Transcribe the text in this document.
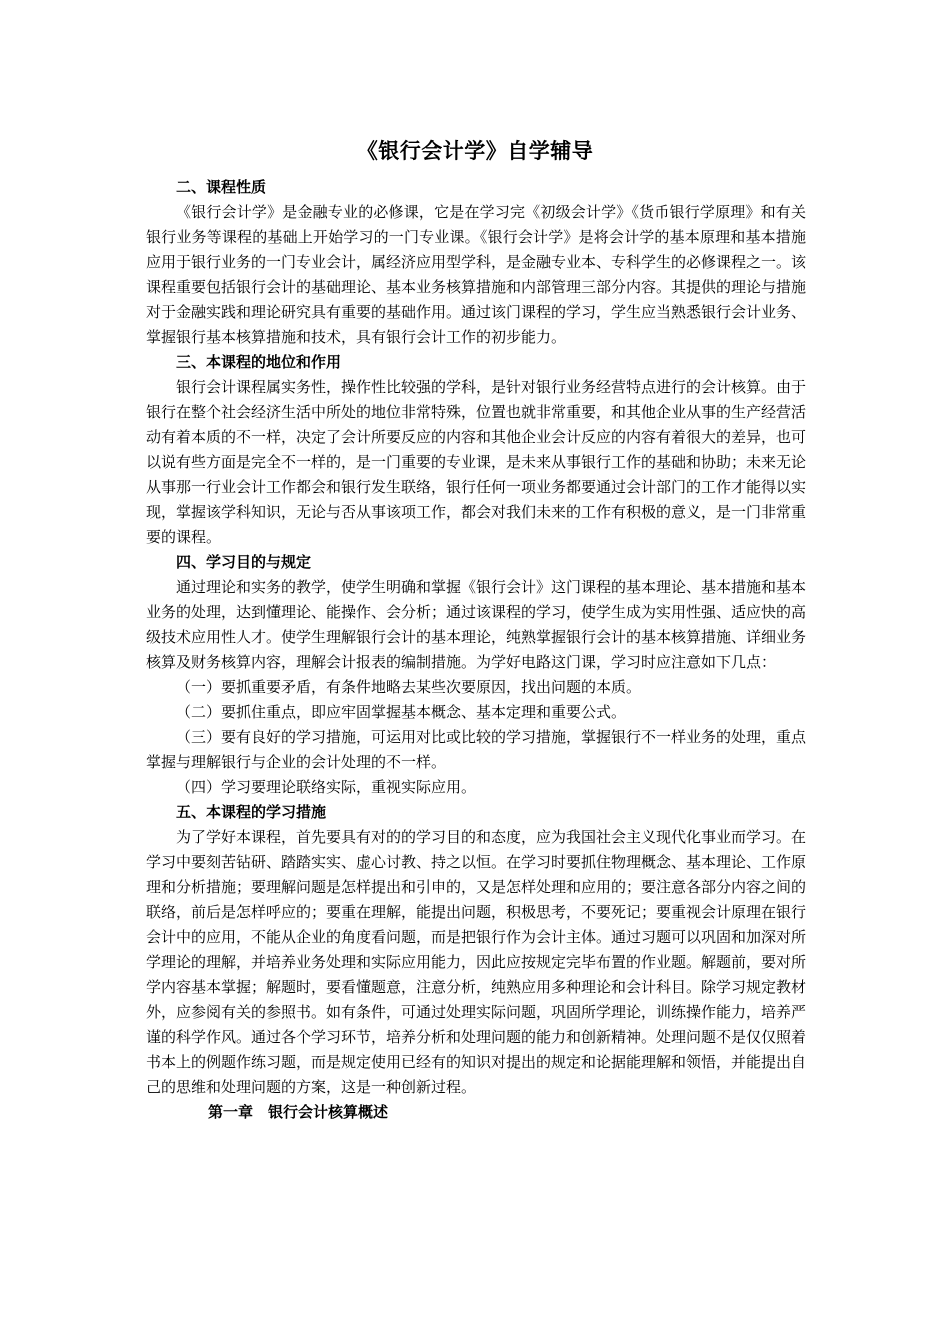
《银行会计学》自学辅导

二、课程性质

《银行会计学》是金融专业的必修课，它是在学习完《初级会计学》《货币银行学原理》和有关银行业务等课程的基础上开始学习的一门专业课。《银行会计学》是将会计学的基本原理和基本措施应用于银行业务的一门专业会计，属经济应用型学科，是金融专业本、专科学生的必修课程之一。该课程重要包括银行会计的基础理论、基本业务核算措施和内部管理三部分内容。其提供的理论与措施对于金融实践和理论研究具有重要的基础作用。通过该门课程的学习，学生应当熟悉银行会计业务、掌握银行基本核算措施和技术，具有银行会计工作的初步能力。

三、本课程的地位和作用

银行会计课程属实务性，操作性比较强的学科，是针对银行业务经营特点进行的会计核算。由于银行在整个社会经济生活中所处的地位非常特殊，位置也就非常重要，和其他企业从事的生产经营活动有着本质的不一样，决定了会计所要反应的内容和其他企业会计反应的内容有着很大的差异，也可以说有些方面是完全不一样的，是一门重要的专业课，是未来从事银行工作的基础和协助；未来无论从事那一行业会计工作都会和银行发生联络，银行任何一项业务都要通过会计部门的工作才能得以实现，掌握该学科知识，无论与否从事该项工作，都会对我们未来的工作有积极的意义，是一门非常重要的课程。

四、学习目的与规定

通过理论和实务的教学，使学生明确和掌握《银行会计》这门课程的基本理论、基本措施和基本业务的处理，达到懂理论、能操作、会分析；通过该课程的学习，使学生成为实用性强、适应快的高级技术应用性人才。使学生理解银行会计的基本理论，纯熟掌握银行会计的基本核算措施、详细业务核算及财务核算内容，理解会计报表的编制措施。为学好电路这门课，学习时应注意如下几点：

（一）要抓重要矛盾，有条件地略去某些次要原因，找出问题的本质。

（二）要抓住重点，即应牢固掌握基本概念、基本定理和重要公式。

（三）要有良好的学习措施，可运用对比或比较的学习措施，掌握银行不一样业务的处理，重点掌握与理解银行与企业的会计处理的不一样。

（四）学习要理论联络实际，重视实际应用。

五、本课程的学习措施

为了学好本课程，首先要具有对的的学习目的和态度，应为我国社会主义现代化事业而学习。在学习中要刻苦钻研、踏踏实实、虚心讨教、持之以恒。在学习时要抓住物理概念、基本理论、工作原理和分析措施；要理解问题是怎样提出和引申的，又是怎样处理和应用的；要注意各部分内容之间的联络，前后是怎样呼应的；要重在理解，能提出问题，积极思考，不要死记；要重视会计原理在银行会计中的应用，不能从企业的角度看问题，而是把银行作为会计主体。通过习题可以巩固和加深对所学理论的理解，并培养业务处理和实际应用能力，因此应按规定完毕布置的作业题。解题前，要对所学内容基本掌握；解题时，要看懂题意，注意分析，纯熟应用多种理论和会计科目。除学习规定教材外，应参阅有关的参照书。如有条件，可通过处理实际问题，巩固所学理论，训练操作能力，培养严谨的科学作风。通过各个学习环节，培养分析和处理问题的能力和创新精神。处理问题不是仅仅照着书本上的例题作练习题，而是规定使用已经有的知识对提出的规定和论据能理解和领悟，并能提出自己的思维和处理问题的方案，这是一种创新过程。

第一章　银行会计核算概述
